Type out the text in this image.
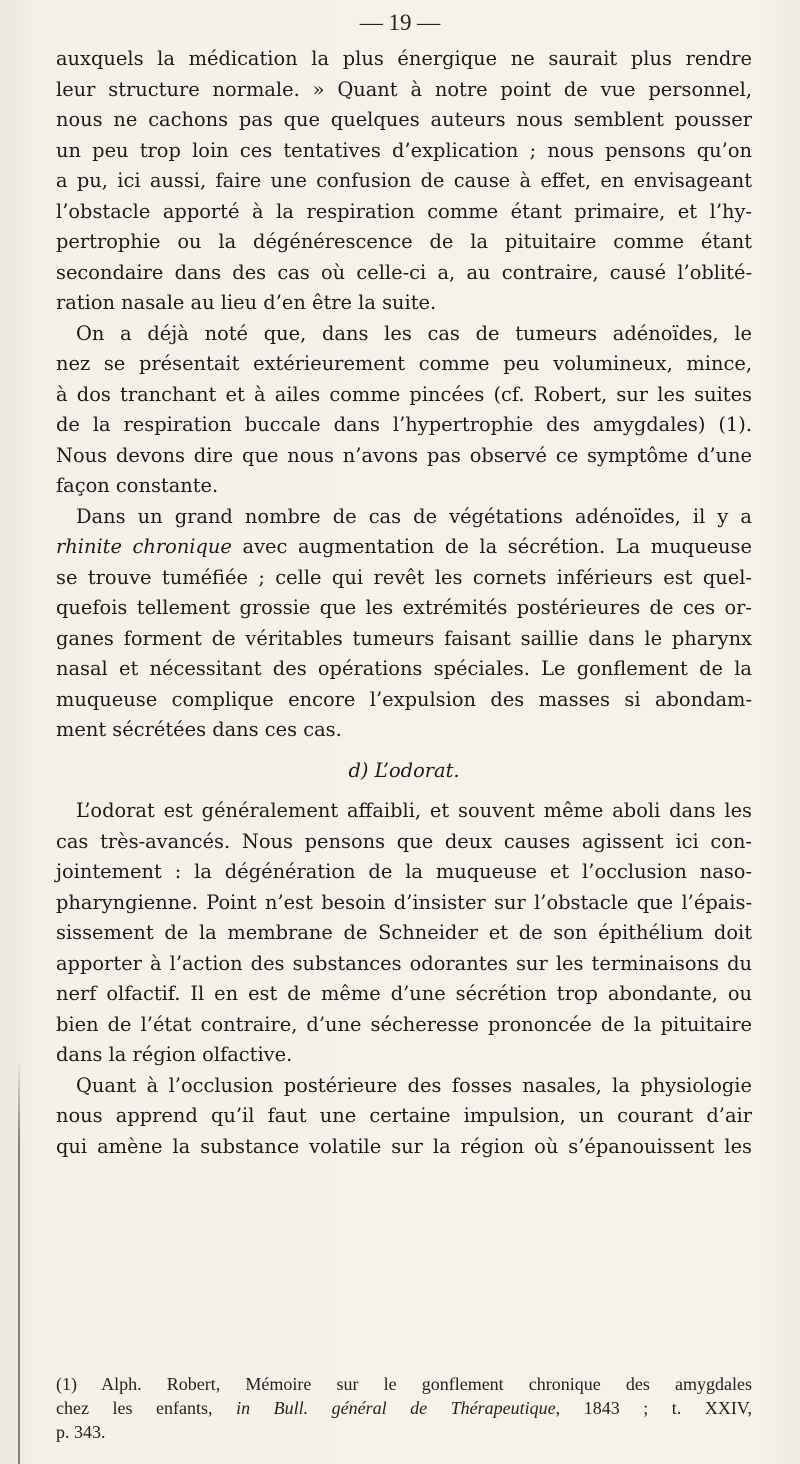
— 19 —

auxquels la médication la plus énergique ne saurait plus rendre
leur structure normale. » Quant à notre point de vue personnel,
nous ne cachons pas que quelques auteurs nous semblent pousser
un peu trop loin ces tentatives d’explication ; nous pensons qu’on
a pu, ici aussi, faire une confusion de cause à effet, en envisageant
l’obstacle apporté à la respiration comme étant primaire, et l’hy-
pertrophie ou la dégénérescence de la pituitaire comme étant
secondaire dans des cas où celle-ci a, au contraire, causé l’oblité-
ration nasale au lieu d’en être la suite.

On a déjà noté que, dans les cas de tumeurs adénoïdes, le
nez se présentait extérieurement comme peu volumineux, mince,
à dos tranchant et à ailes comme pincées (cf. Robert, sur les suites
de la respiration buccale dans l’hypertrophie des amygdales) (1).
Nous devons dire que nous n’avons pas observé ce symptôme d’une
façon constante.

Dans un grand nombre de cas de végétations adénoïdes, il y a
rhinite chronique avec augmentation de la sécrétion. La muqueuse
se trouve tuméfiée ; celle qui revêt les cornets inférieurs est quel-
quefois tellement grossie que les extrémités postérieures de ces or-
ganes forment de véritables tumeurs faisant saillie dans le pharynx
nasal et nécessitant des opérations spéciales. Le gonflement de la
muqueuse complique encore l’expulsion des masses si abondam-
ment sécrétées dans ces cas.

d) L’odorat.

L’odorat est généralement affaibli, et souvent même aboli dans les
cas très-avancés. Nous pensons que deux causes agissent ici con-
jointement : la dégénération de la muqueuse et l’occlusion naso-
pharyngienne. Point n’est besoin d’insister sur l’obstacle que l’épais-
sissement de la membrane de Schneider et de son épithélium doit
apporter à l’action des substances odorantes sur les terminaisons du
nerf olfactif. Il en est de même d’une sécrétion trop abondante, ou
bien de l’état contraire, d’une sécheresse prononcée de la pituitaire
dans la région olfactive.

Quant à l’occlusion postérieure des fosses nasales, la physiologie
nous apprend qu’il faut une certaine impulsion, un courant d’air
qui amène la substance volatile sur la région où s’épanouissent les

(1) Alph. Robert, Mémoire sur le gonflement chronique des amygdales
chez les enfants, in Bull. général de Thérapeutique, 1843 ; t. XXIV,
p. 343.
